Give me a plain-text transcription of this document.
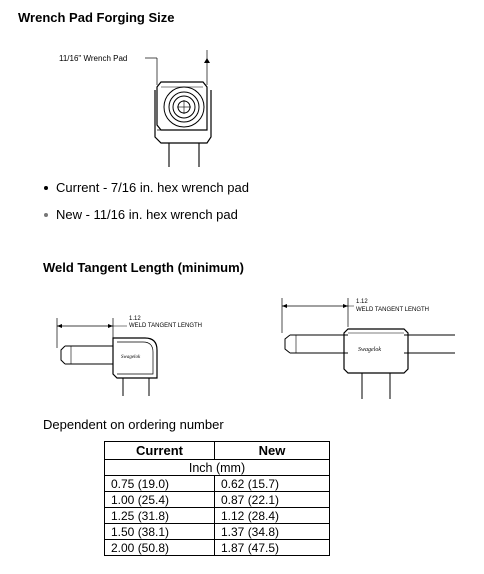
Wrench Pad Forging Size
11/16" Wrench Pad
Current - 7/16 in. hex wrench pad
New - 11/16 in. hex wrench pad
Weld Tangent Length (minimum)
1.12
WELD TANGENT LENGTH
Swagelok
1.12
WELD TANGENT LENGTH
Swagelok
Dependent on ordering number
Current	New
Inch (mm)	
0.75 (19.0)	0.62 (15.7)
1.00 (25.4)	0.87 (22.1)
1.25 (31.8)	1.12 (28.4)
1.50 (38.1)	1.37 (34.8)
2.00 (50.8)	1.87 (47.5)
